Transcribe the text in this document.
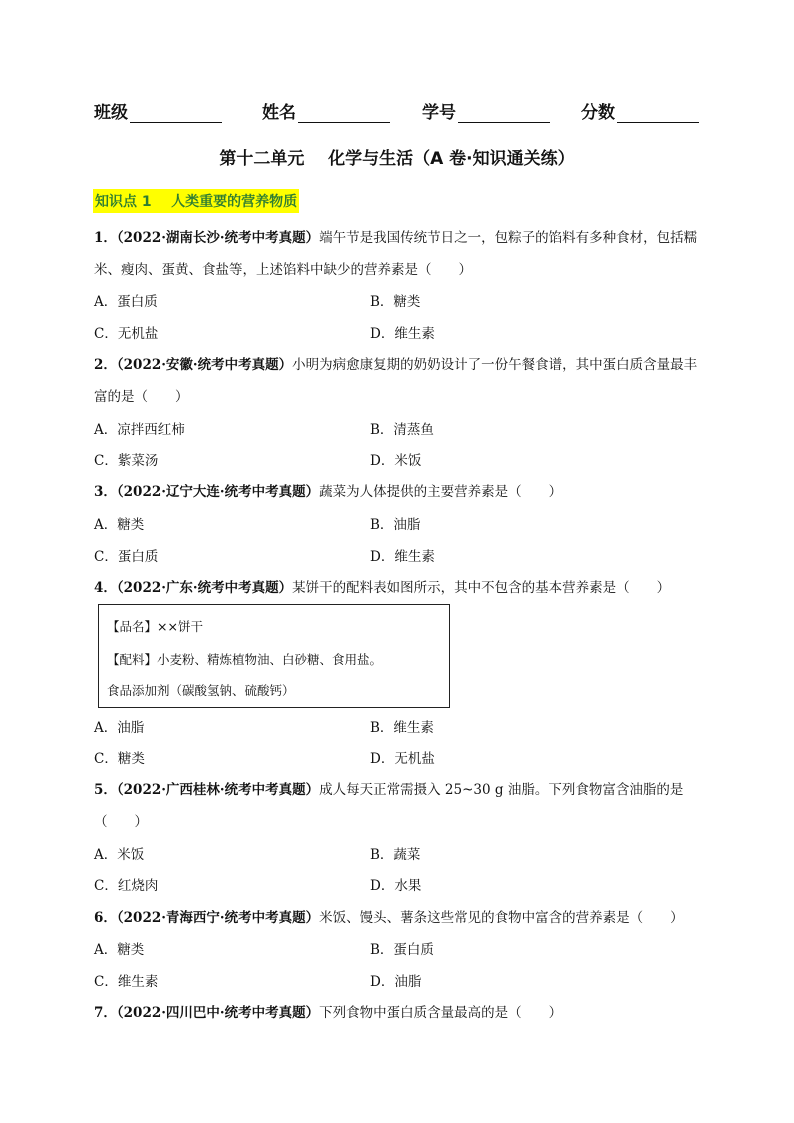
班级	姓名	学号	分数
第十二单元    化学与生活（A 卷·知识通关练）
知识点 1    人类重要的营养物质
1．（2022·湖南长沙·统考中考真题）端午节是我国传统节日之一，包粽子的馅料有多种食材，包括糯米、瘦肉、蛋黄、食盐等，上述馅料中缺少的营养素是（　　）
A．蛋白质	B．糖类
C．无机盐	D．维生素
2．（2022·安徽·统考中考真题）小明为病愈康复期的奶奶设计了一份午餐食谱，其中蛋白质含量最丰富的是（　　）
A．凉拌西红柿	B．清蒸鱼
C．紫菜汤	D．米饭
3．（2022·辽宁大连·统考中考真题）蔬菜为人体提供的主要营养素是（　　）
A．糖类	B．油脂
C．蛋白质	D．维生素
4．（2022·广东·统考中考真题）某饼干的配料表如图所示，其中不包含的基本营养素是（　　）
【品名】××饼干
【配料】小麦粉、精炼植物油、白砂糖、食用盐。
食品添加剂（碳酸氢钠、硫酸钙）
A．油脂	B．维生素
C．糖类	D．无机盐
5．（2022·广西桂林·统考中考真题）成人每天正常需摄入 25~30 g 油脂。下列食物富含油脂的是（　　）
A．米饭	B．蔬菜
C．红烧肉	D．水果
6．（2022·青海西宁·统考中考真题）米饭、馒头、薯条这些常见的食物中富含的营养素是（　　）
A．糖类	B．蛋白质
C．维生素	D．油脂
7．（2022·四川巴中·统考中考真题）下列食物中蛋白质含量最高的是（　　）
